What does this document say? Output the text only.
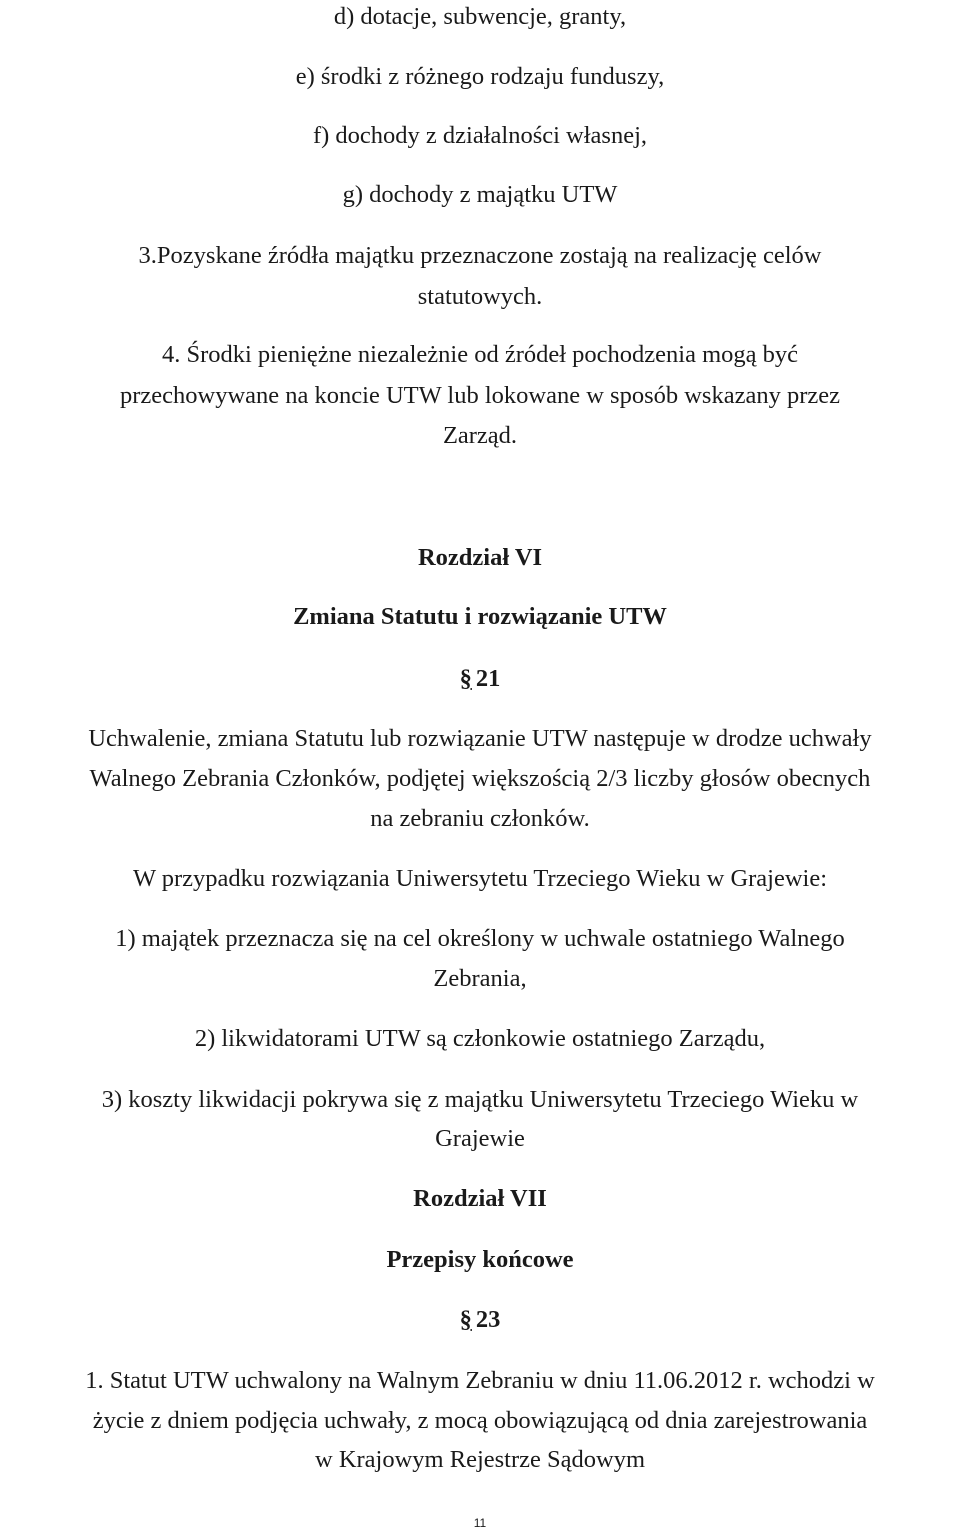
d) dotacje, subwencje, granty,
e) środki z różnego rodzaju funduszy,
f) dochody z działalności własnej,
g) dochody z majątku UTW
3.Pozyskane źródła majątku przeznaczone zostają na realizację celów
statutowych.
4. Środki pieniężne niezależnie od źródeł pochodzenia mogą być
przechowywane na koncie UTW lub lokowane w sposób wskazany przez
Zarząd.
Rozdział VI
Zmiana Statutu i rozwiązanie UTW
§ 21
Uchwalenie, zmiana Statutu lub rozwiązanie UTW następuje w drodze uchwały
Walnego Zebrania Członków, podjętej większością 2/3 liczby głosów obecnych
na zebraniu członków.
W przypadku rozwiązania Uniwersytetu Trzeciego Wieku w Grajewie:
1) majątek przeznacza się na cel określony w uchwale ostatniego Walnego
Zebrania,
2) likwidatorami UTW są członkowie ostatniego Zarządu,
3) koszty likwidacji pokrywa się z majątku Uniwersytetu Trzeciego Wieku w
Grajewie
Rozdział VII
Przepisy końcowe
§ 23
1. Statut UTW uchwalony na Walnym Zebraniu w dniu 11.06.2012 r. wchodzi w
życie z dniem podjęcia uchwały, z mocą obowiązującą od dnia zarejestrowania
w Krajowym Rejestrze Sądowym
11
